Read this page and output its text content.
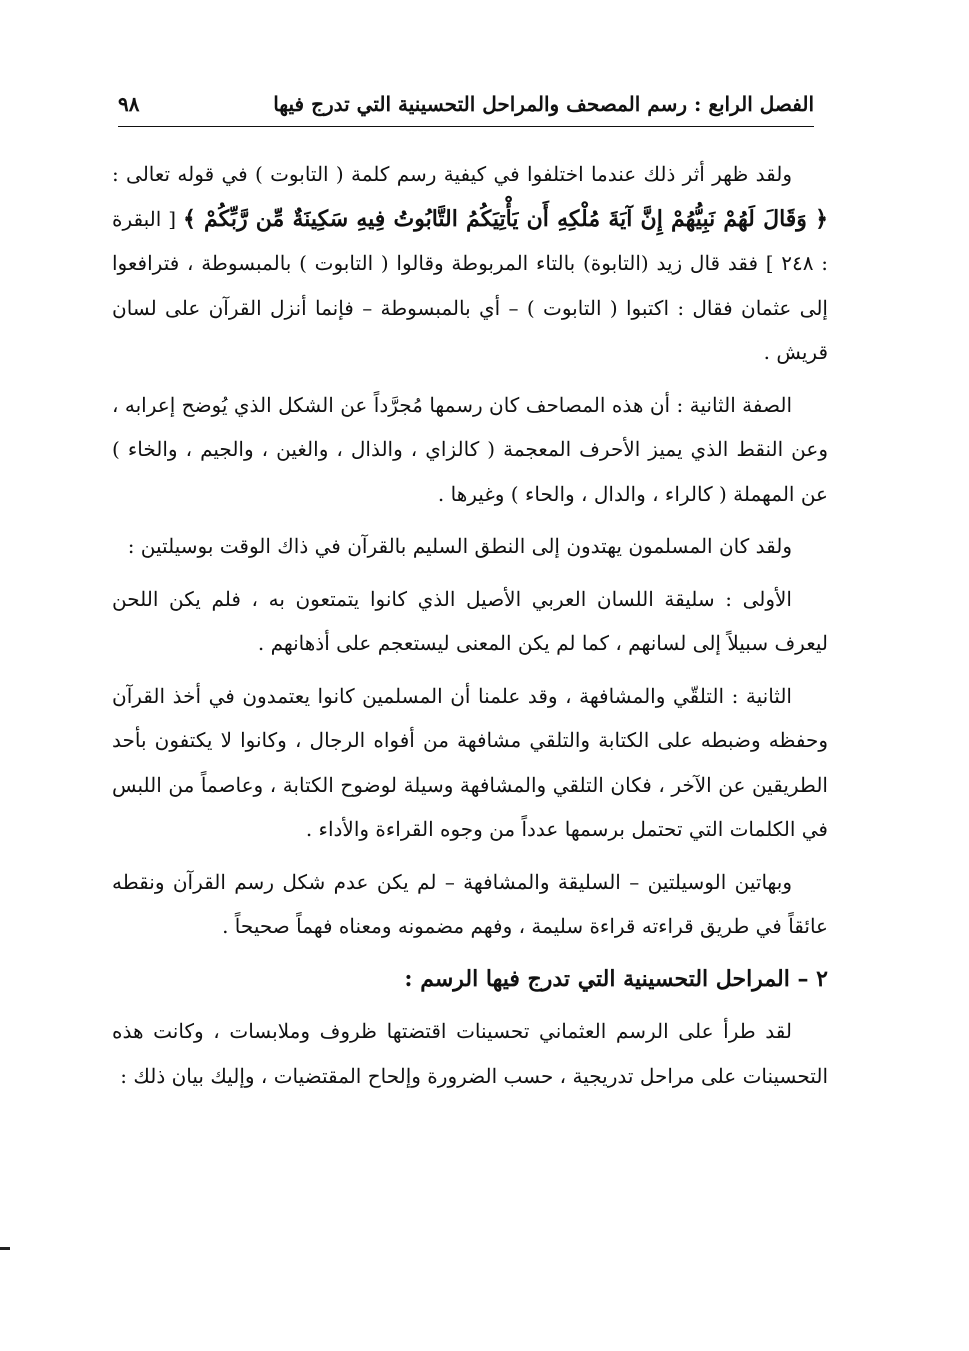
الفصل الرابع : رسم المصحف والمراحل التحسينية التي تدرج فيها
٩٨

ولقد ظهر أثر ذلك عندما اختلفوا في كيفية رسم كلمة ( التابوت ) في قوله تعالى : ﴿ وَقَالَ لَهُمْ نَبِيُّهُمْ إِنَّ آيَةَ مُلْكِهِ أَن يَأْتِيَكُمُ التَّابُوتُ فِيهِ سَكِينَةٌ مِّن رَّبِّكُمْ ﴾ [ البقرة : ٢٤٨ ] فقد قال زيد (التابوة) بالتاء المربوطة وقالوا ( التابوت ) بالمبسوطة ، فترافعوا إلى عثمان فقال : اكتبوا ( التابوت ) – أي بالمبسوطة – فإنما أنزل القرآن على لسان قريش .

الصفة الثانية : أن هذه المصاحف كان رسمها مُجرَّداً عن الشكل الذي يُوضح إعرابه ، وعن النقط الذي يميز الأحرف المعجمة ( كالزاي ، والذال ، والغين ، والجيم ، والخاء ) عن المهملة ( كالراء ، والدال ، والحاء ) وغيرها .

ولقد كان المسلمون يهتدون إلى النطق السليم بالقرآن في ذاك الوقت بوسيلتين :

الأولى : سليقة اللسان العربي الأصيل الذي كانوا يتمتعون به ، فلم يكن اللحن ليعرف سبيلاً إلى لسانهم ، كما لم يكن المعنى ليستعجم على أذهانهم .

الثانية : التلقّي والمشافهة ، وقد علمنا أن المسلمين كانوا يعتمدون في أخذ القرآن وحفظه وضبطه على الكتابة والتلقي مشافهة من أفواه الرجال ، وكانوا لا يكتفون بأحد الطريقين عن الآخر ، فكان التلقي والمشافهة وسيلة لوضوح الكتابة ، وعاصماً من اللبس في الكلمات التي تحتمل برسمها عدداً من وجوه القراءة والأداء .

وبهاتين الوسيلتين – السليقة والمشافهة – لم يكن عدم شكل رسم القرآن ونقطه عائقاً في طريق قراءته قراءة سليمة ، وفهم مضمونه ومعناه فهماً صحيحاً .

٢ – المراحل التحسينية التي تدرج فيها الرسم :

لقد طرأ على الرسم العثماني تحسينات اقتضتها ظروف وملابسات ، وكانت هذه التحسينات على مراحل تدريجية ، حسب الضرورة وإلحاح المقتضيات ، وإليك بيان ذلك :
